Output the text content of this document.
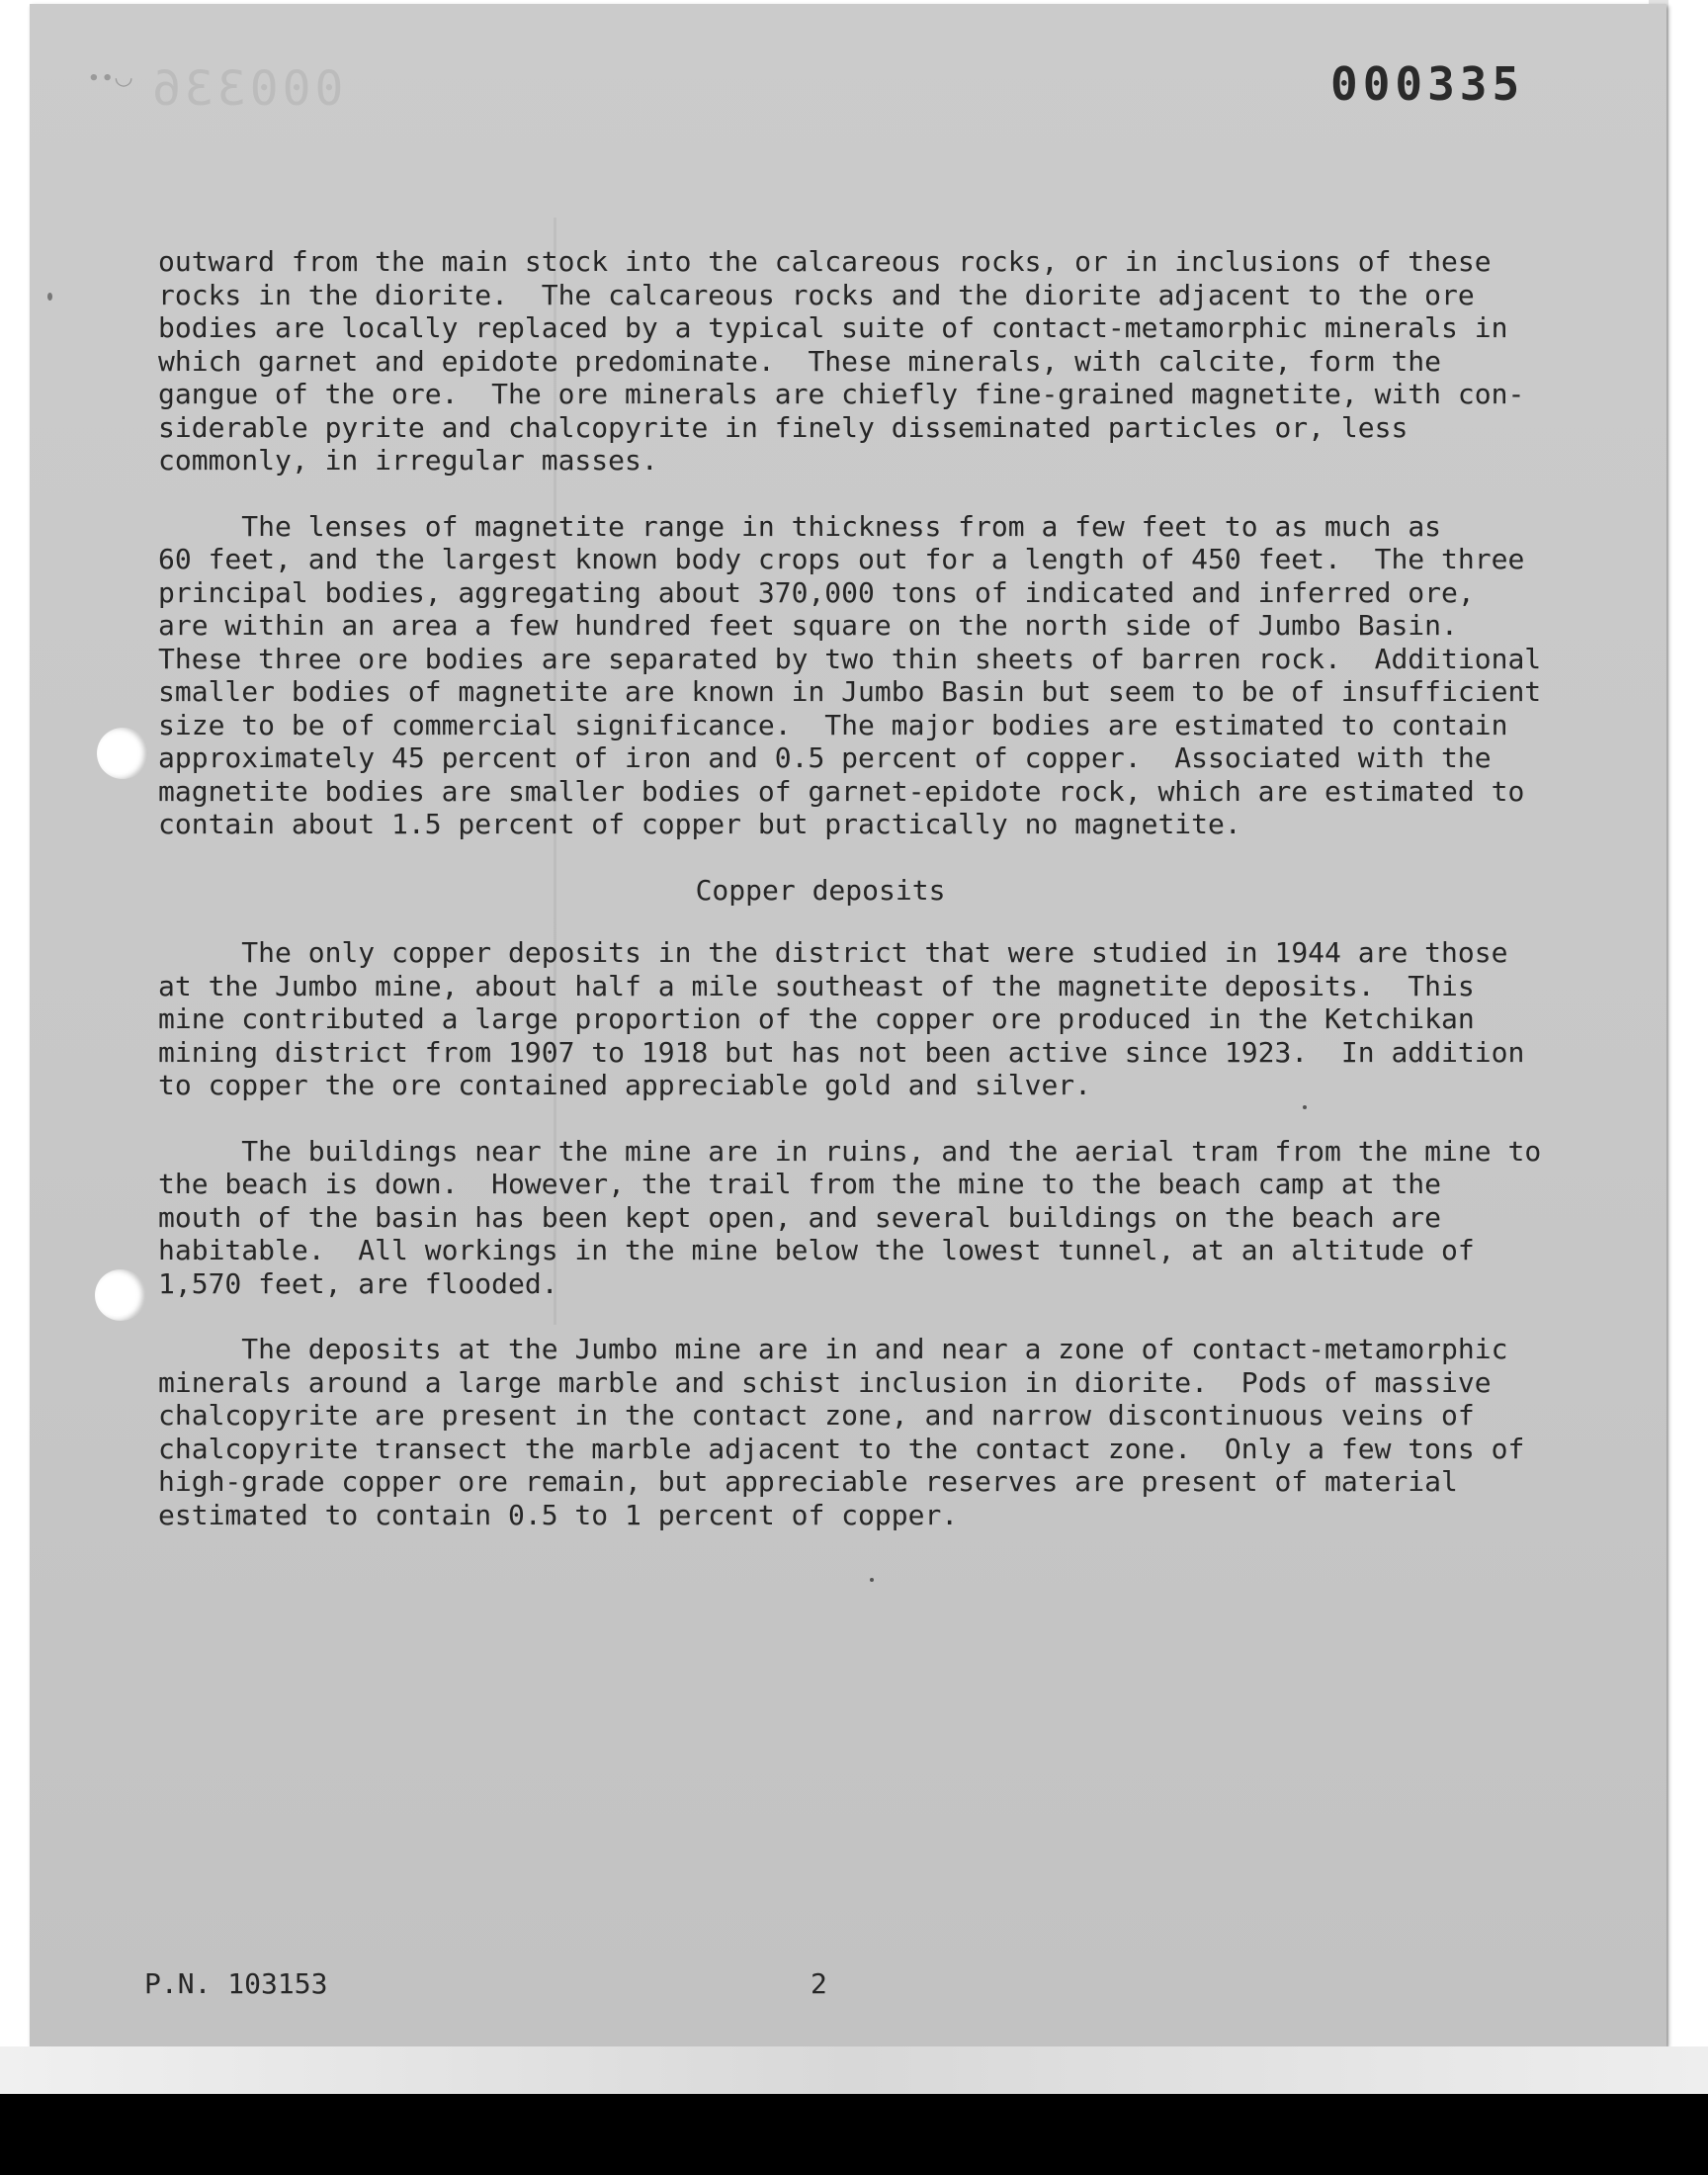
∙∙◡ 000336	000335

outward from the main stock into the calcareous rocks, or in inclusions of these
rocks in the diorite.  The calcareous rocks and the diorite adjacent to the ore
bodies are locally replaced by a typical suite of contact-metamorphic minerals in
which garnet and epidote predominate.  These minerals, with calcite, form the
gangue of the ore.  The ore minerals are chiefly fine-grained magnetite, with con-
siderable pyrite and chalcopyrite in finely disseminated particles or, less
commonly, in irregular masses.

The lenses of magnetite range in thickness from a few feet to as much as
60 feet, and the largest known body crops out for a length of 450 feet.  The three
principal bodies, aggregating about 370,000 tons of indicated and inferred ore,
are within an area a few hundred feet square on the north side of Jumbo Basin.
These three ore bodies are separated by two thin sheets of barren rock.  Additional
smaller bodies of magnetite are known in Jumbo Basin but seem to be of insufficient
size to be of commercial significance.  The major bodies are estimated to contain
approximately 45 percent of iron and 0.5 percent of copper.  Associated with the
magnetite bodies are smaller bodies of garnet-epidote rock, which are estimated to
contain about 1.5 percent of copper but practically no magnetite.

Copper deposits

The only copper deposits in the district that were studied in 1944 are those
at the Jumbo mine, about half a mile southeast of the magnetite deposits.  This
mine contributed a large proportion of the copper ore produced in the Ketchikan
mining district from 1907 to 1918 but has not been active since 1923.  In addition
to copper the ore contained appreciable gold and silver.

The buildings near the mine are in ruins, and the aerial tram from the mine to
the beach is down.  However, the trail from the mine to the beach camp at the
mouth of the basin has been kept open, and several buildings on the beach are
habitable.  All workings in the mine below the lowest tunnel, at an altitude of
1,570 feet, are flooded.

The deposits at the Jumbo mine are in and near a zone of contact-metamorphic
minerals around a large marble and schist inclusion in diorite.  Pods of massive
chalcopyrite are present in the contact zone, and narrow discontinuous veins of
chalcopyrite transect the marble adjacent to the contact zone.  Only a few tons of
high-grade copper ore remain, but appreciable reserves are present of material
estimated to contain 0.5 to 1 percent of copper.

P.N. 103153	2
